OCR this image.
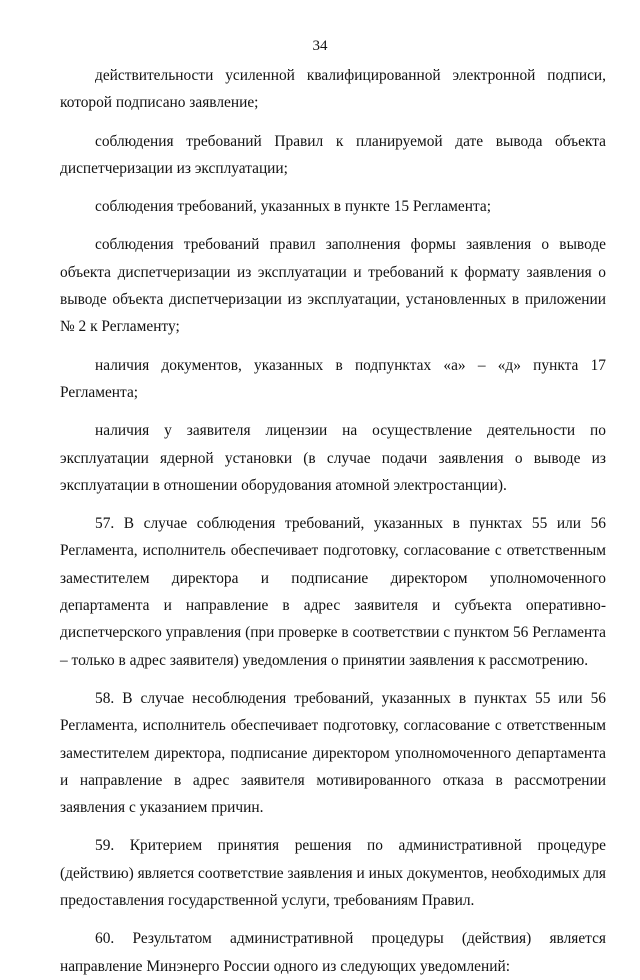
34

действительности усиленной квалифицированной электронной подписи, которой подписано заявление;

соблюдения требований Правил к планируемой дате вывода объекта диспетчеризации из эксплуатации;

соблюдения требований, указанных в пункте 15 Регламента;

соблюдения требований правил заполнения формы заявления о выводе объекта диспетчеризации из эксплуатации и требований к формату заявления о выводе объекта диспетчеризации из эксплуатации, установленных в приложении № 2 к Регламенту;

наличия документов, указанных в подпунктах «а» – «д» пункта 17 Регламента;

наличия у заявителя лицензии на осуществление деятельности по эксплуатации ядерной установки (в случае подачи заявления о выводе из эксплуатации в отношении оборудования атомной электростанции).

57. В случае соблюдения требований, указанных в пунктах 55 или 56 Регламента, исполнитель обеспечивает подготовку, согласование с ответственным заместителем директора и подписание директором уполномоченного департамента и направление в адрес заявителя и субъекта оперативно-диспетчерского управления (при проверке в соответствии с пунктом 56 Регламента – только в адрес заявителя) уведомления о принятии заявления к рассмотрению.

58. В случае несоблюдения требований, указанных в пунктах 55 или 56 Регламента, исполнитель обеспечивает подготовку, согласование с ответственным заместителем директора, подписание директором уполномоченного департамента и направление в адрес заявителя мотивированного отказа в рассмотрении заявления с указанием причин.

59. Критерием принятия решения по административной процедуре (действию) является соответствие заявления и иных документов, необходимых для предоставления государственной услуги, требованиям Правил.

60. Результатом административной процедуры (действия) является направление Минэнерго России одного из следующих уведомлений:
